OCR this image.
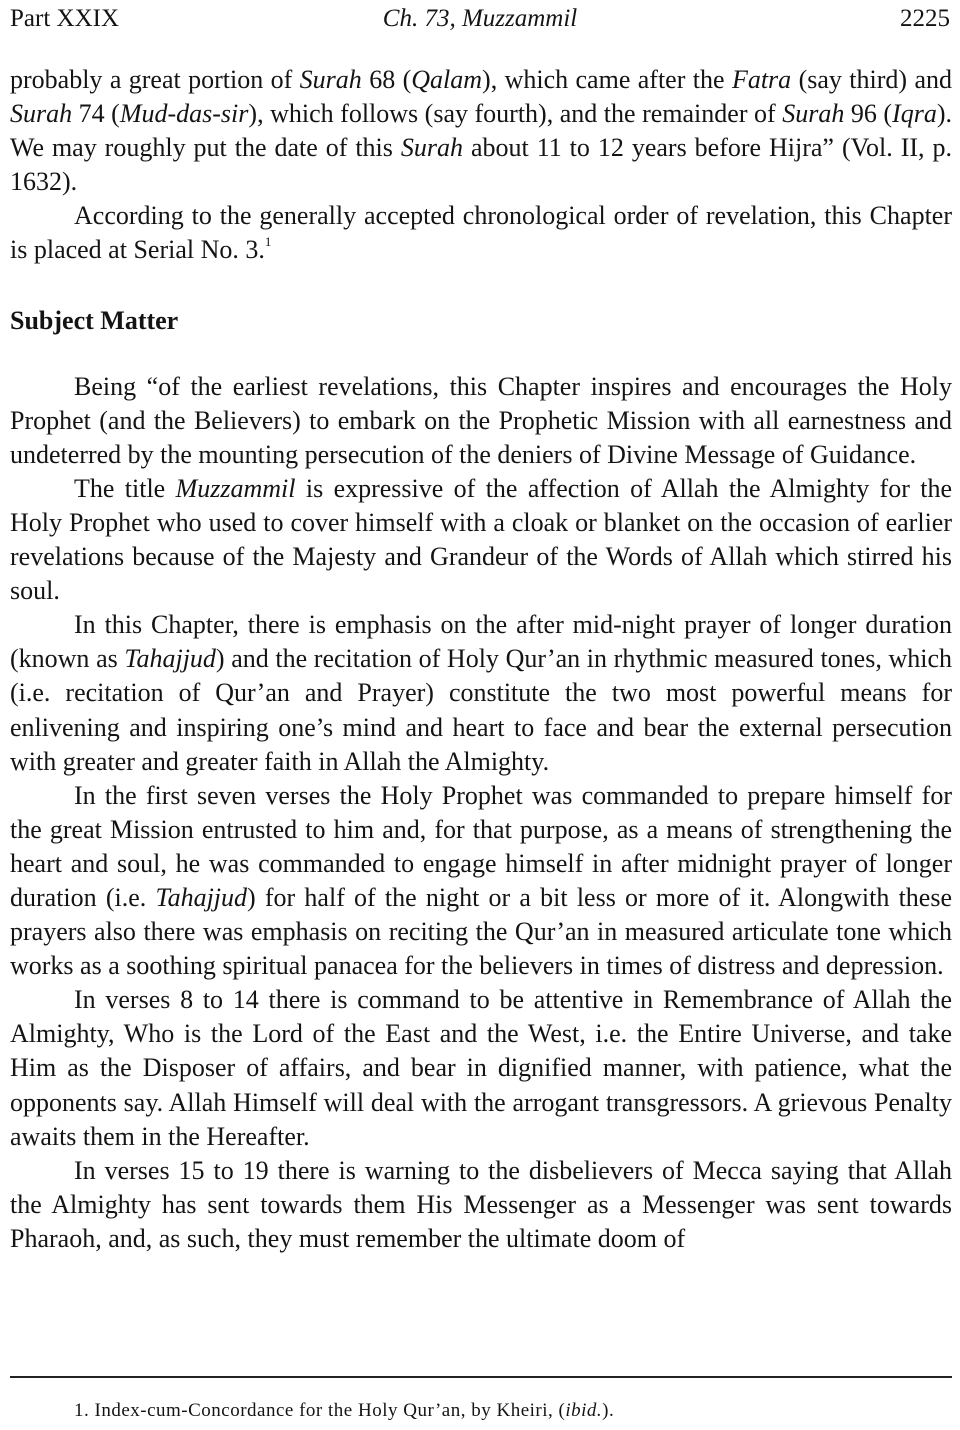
Part XXIX	Ch. 73, Muzzammil	2225

probably a great portion of Surah 68 (Qalam), which came after the Fatra (say third) and Surah 74 (Mud-das-sir), which follows (say fourth), and the remainder of Surah 96 (Iqra). We may roughly put the date of this Surah about 11 to 12 years before Hijra” (Vol. II, p. 1632).

According to the generally accepted chronological order of revelation, this Chapter is placed at Serial No. 3.$^1$

Subject Matter

Being “of the earliest revelations, this Chapter inspires and encourages the Holy Prophet (and the Believers) to embark on the Prophetic Mission with all earnestness and undeterred by the mounting persecution of the deniers of Divine Message of Guidance.

The title Muzzammil is expressive of the affection of Allah the Almighty for the Holy Prophet who used to cover himself with a cloak or blanket on the occasion of earlier revelations because of the Majesty and Grandeur of the Words of Allah which stirred his soul.

In this Chapter, there is emphasis on the after mid-night prayer of longer duration (known as Tahajjud) and the recitation of Holy Qur’an in rhythmic measured tones, which (i.e. recitation of Qur’an and Prayer) constitute the two most powerful means for enlivening and inspiring one’s mind and heart to face and bear the external persecution with greater and greater faith in Allah the Almighty.

In the first seven verses the Holy Prophet was commanded to prepare himself for the great Mission entrusted to him and, for that purpose, as a means of strengthening the heart and soul, he was commanded to engage himself in after midnight prayer of longer duration (i.e. Tahajjud) for half of the night or a bit less or more of it. Alongwith these prayers also there was emphasis on reciting the Qur’an in measured articulate tone which works as a soothing spiritual panacea for the believers in times of distress and depression.

In verses 8 to 14 there is command to be attentive in Remembrance of Allah the Almighty, Who is the Lord of the East and the West, i.e. the Entire Universe, and take Him as the Disposer of affairs, and bear in dignified manner, with patience, what the opponents say. Allah Himself will deal with the arrogant transgressors. A grievous Penalty awaits them in the Hereafter.

In verses 15 to 19 there is warning to the disbelievers of Mecca saying that Allah the Almighty has sent towards them His Messenger as a Messenger was sent towards Pharaoh, and, as such, they must remember the ultimate doom of

1. Index-cum-Concordance for the Holy Qur’an, by Kheiri, (ibid.).
